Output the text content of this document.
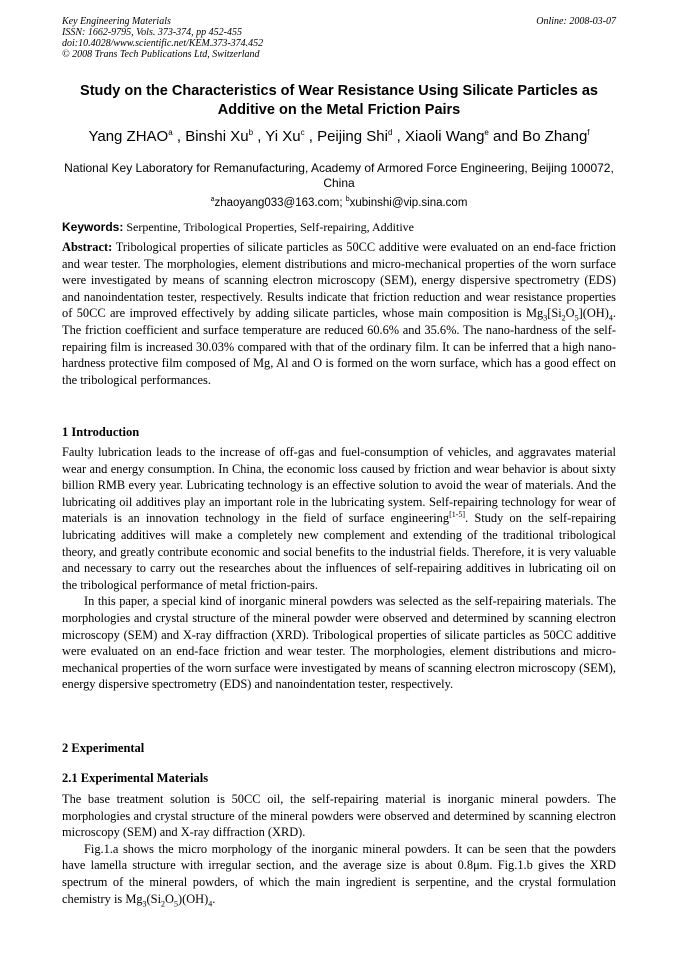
Key Engineering Materials
ISSN: 1662-9795, Vols. 373-374, pp 452-455
doi:10.4028/www.scientific.net/KEM.373-374.452
© 2008 Trans Tech Publications Ltd, Switzerland
Online: 2008-03-07
Study on the Characteristics of Wear Resistance Using Silicate Particles as Additive on the Metal Friction Pairs
Yang ZHAO$^a$ , Binshi Xu$^b$ , Yi Xu$^c$ , Peijing Shi$^d$ , Xiaoli Wang$^e$ and Bo Zhang$^f$
National Key Laboratory for Remanufacturing, Academy of Armored Force Engineering, Beijing 100072, China
$^a$zhaoyang033@163.com; $^b$xubinshi@vip.sina.com
Keywords: Serpentine, Tribological Properties, Self-repairing, Additive

Abstract: Tribological properties of silicate particles as 50CC additive were evaluated on an end-face friction and wear tester. The morphologies, element distributions and micro-mechanical properties of the worn surface were investigated by means of scanning electron microscopy (SEM), energy dispersive spectrometry (EDS) and nanoindentation tester, respectively. Results indicate that friction reduction and wear resistance properties of 50CC are improved effectively by adding silicate particles, whose main composition is $Mg_3[Si_2O_5](OH)_4$. The friction coefficient and surface temperature are reduced 60.6% and 35.6%. The nano-hardness of the self-repairing film is increased 30.03% compared with that of the ordinary film. It can be inferred that a high nano-hardness protective film composed of Mg, Al and O is formed on the worn surface, which has a good effect on the tribological performances.

1 Introduction

Faulty lubrication leads to the increase of off-gas and fuel-consumption of vehicles, and aggravates material wear and energy consumption. In China, the economic loss caused by friction and wear behavior is about sixty billion RMB every year. Lubricating technology is an effective solution to avoid the wear of materials. And the lubricating oil additives play an important role in the lubricating system. Self-repairing technology for wear of materials is an innovation technology in the field of surface engineering[1-5]. Study on the self-repairing lubricating additives will make a completely new complement and extending of the traditional tribological theory, and greatly contribute economic and social benefits to the industrial fields. Therefore, it is very valuable and necessary to carry out the researches about the influences of self-repairing additives in lubricating oil on the tribological performance of metal friction-pairs.

In this paper, a special kind of inorganic mineral powders was selected as the self-repairing materials. The morphologies and crystal structure of the mineral powder were observed and determined by scanning electron microscopy (SEM) and X-ray diffraction (XRD). Tribological properties of silicate particles as 50CC additive were evaluated on an end-face friction and wear tester. The morphologies, element distributions and micro-mechanical properties of the worn surface were investigated by means of scanning electron microscopy (SEM), energy dispersive spectrometry (EDS) and nanoindentation tester, respectively.

2 Experimental
2.1 Experimental Materials

The base treatment solution is 50CC oil, the self-repairing material is inorganic mineral powders. The morphologies and crystal structure of the mineral powders were observed and determined by scanning electron microscopy (SEM) and X-ray diffraction (XRD).

Fig.1.a shows the micro morphology of the inorganic mineral powders. It can be seen that the powders have lamella structure with irregular section, and the average size is about 0.8μm. Fig.1.b gives the XRD spectrum of the mineral powders, of which the main ingredient is serpentine, and the crystal formulation chemistry is $Mg_3(Si_2O_5)(OH)_4$.
